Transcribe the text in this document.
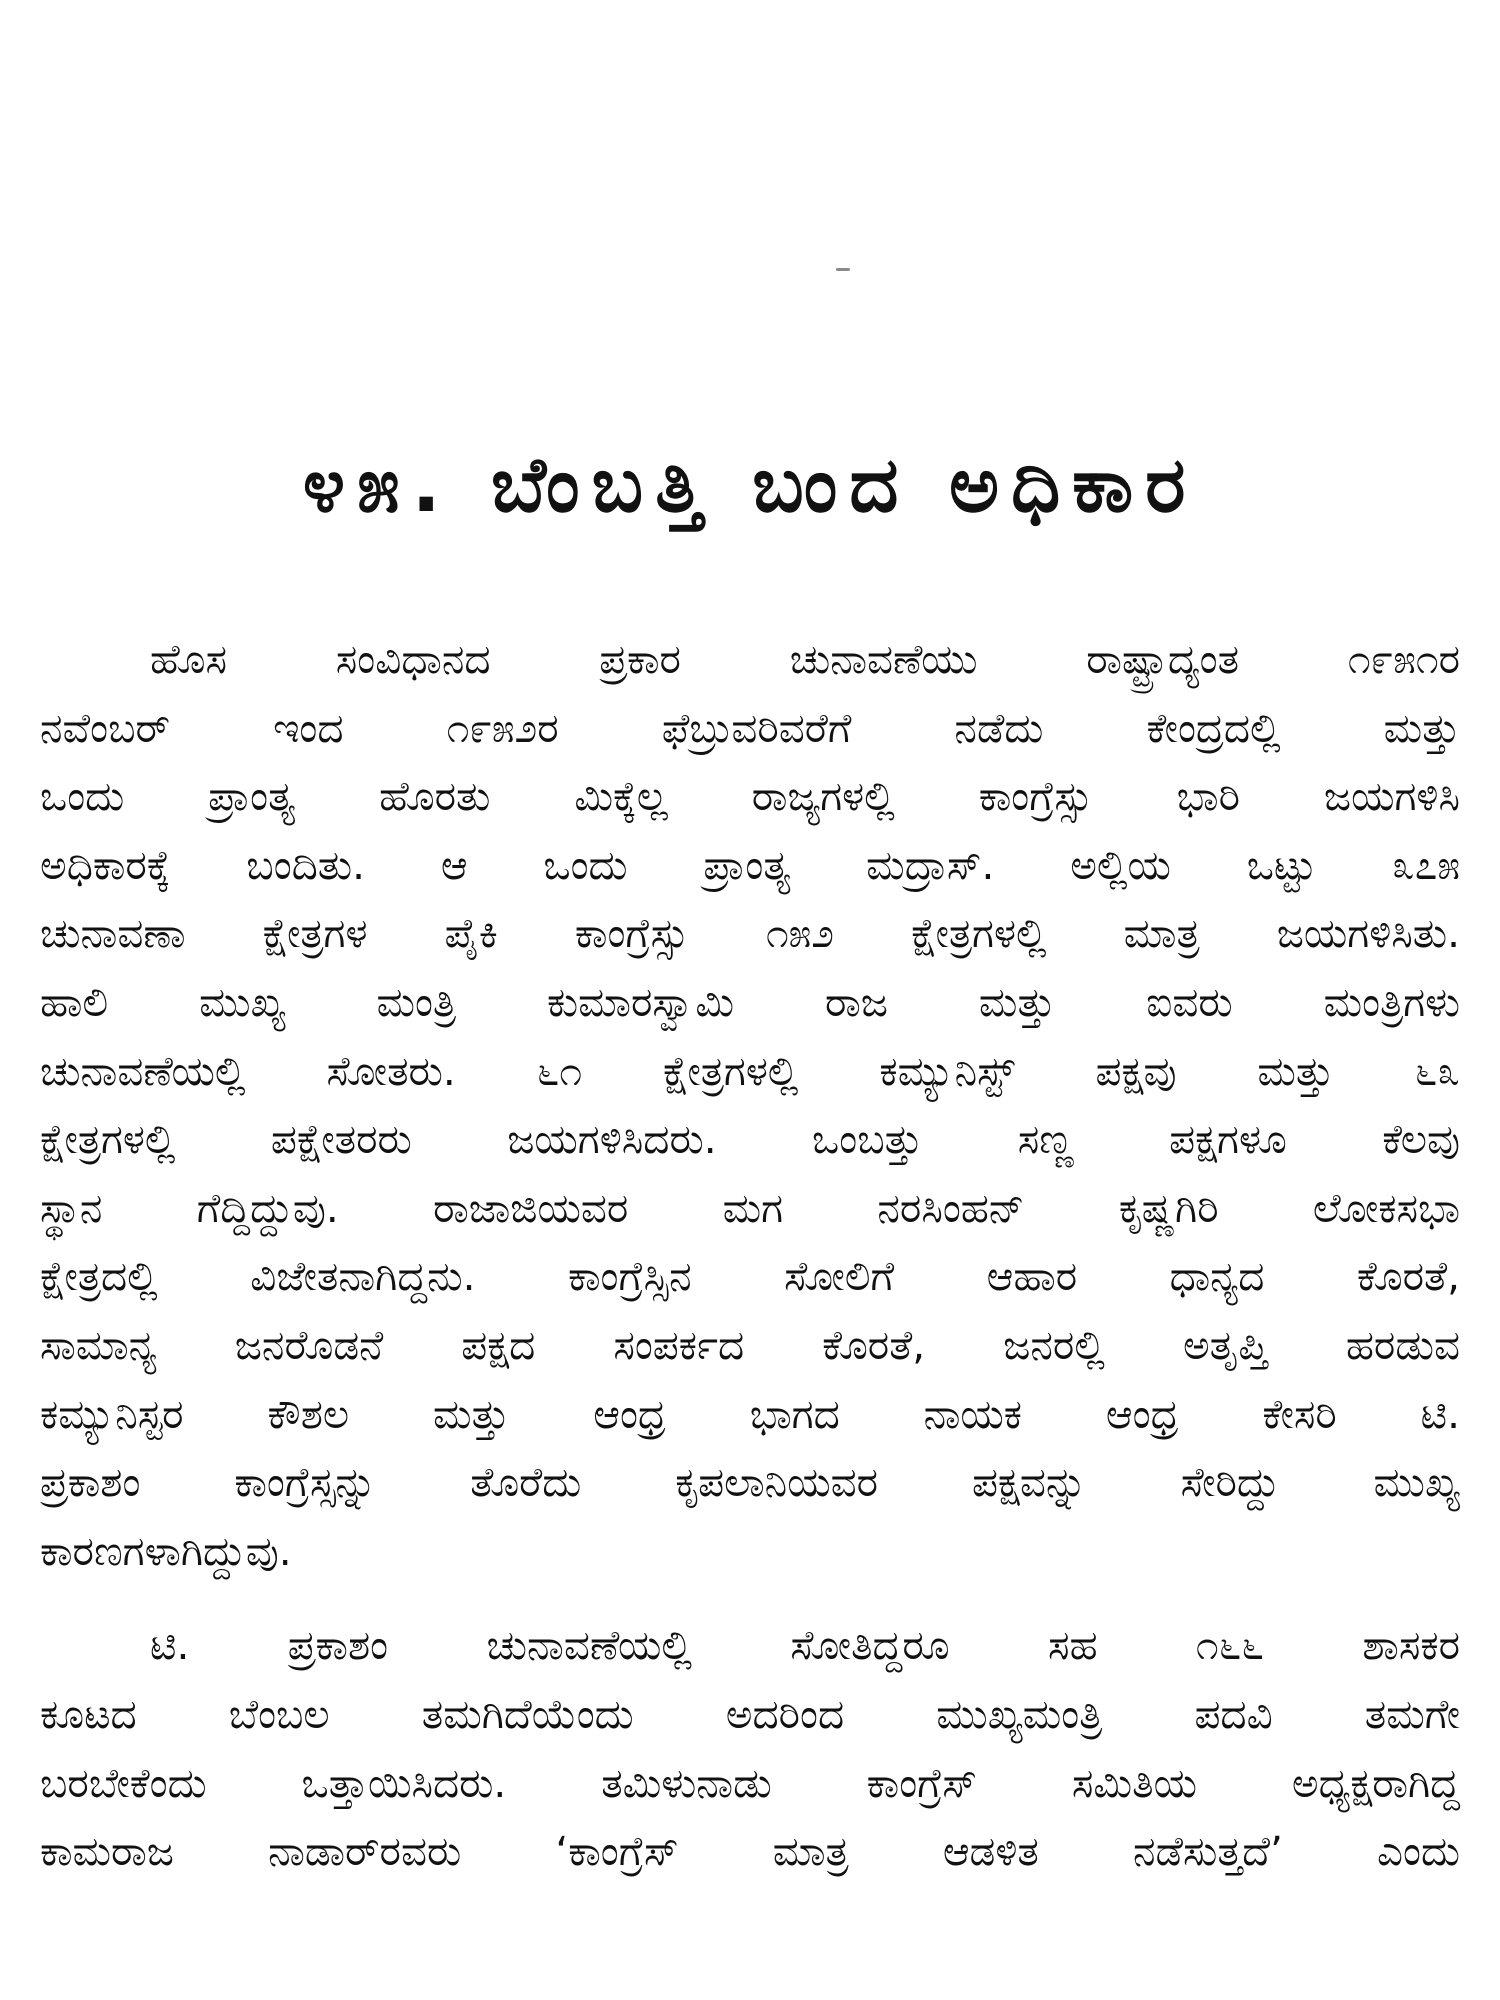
೪೫. ಬೆಂಬತ್ತಿ ಬಂದ ಅಧಿಕಾರ
ಹೊಸ ಸಂವಿಧಾನದ ಪ್ರಕಾರ ಚುನಾವಣೆಯು ರಾಷ್ಟ್ರಾದ್ಯಂತ ೧೯೫೧ರ
ನವೆಂಬರ್ ಇಂದ ೧೯೫೨ರ ಫೆಬ್ರುವರಿವರೆಗೆ ನಡೆದು ಕೇಂದ್ರದಲ್ಲಿ ಮತ್ತು
ಒಂದು ಪ್ರಾಂತ್ಯ ಹೊರತು ಮಿಕ್ಕೆಲ್ಲ ರಾಜ್ಯಗಳಲ್ಲಿ ಕಾಂಗ್ರೆಸ್ಸು ಭಾರಿ ಜಯಗಳಿಸಿ
ಅಧಿಕಾರಕ್ಕೆ ಬಂದಿತು. ಆ ಒಂದು ಪ್ರಾಂತ್ಯ ಮದ್ರಾಸ್. ಅಲ್ಲಿಯ ಒಟ್ಟು ೩೭೫
ಚುನಾವಣಾ ಕ್ಷೇತ್ರಗಳ ಪೈಕಿ ಕಾಂಗ್ರೆಸ್ಸು ೧೫೨ ಕ್ಷೇತ್ರಗಳಲ್ಲಿ ಮಾತ್ರ ಜಯಗಳಿಸಿತು.
ಹಾಲಿ ಮುಖ್ಯ ಮಂತ್ರಿ ಕುಮಾರಸ್ವಾಮಿ ರಾಜ ಮತ್ತು ಐವರು ಮಂತ್ರಿಗಳು
ಚುನಾವಣೆಯಲ್ಲಿ ಸೋತರು. ೬೧ ಕ್ಷೇತ್ರಗಳಲ್ಲಿ ಕಮ್ಯುನಿಸ್ಟ್ ಪಕ್ಷವು ಮತ್ತು ೬೩
ಕ್ಷೇತ್ರಗಳಲ್ಲಿ ಪಕ್ಷೇತರರು ಜಯಗಳಿಸಿದರು. ಒಂಬತ್ತು ಸಣ್ಣ ಪಕ್ಷಗಳೂ ಕೆಲವು
ಸ್ಥಾನ ಗೆದ್ದಿದ್ದುವು. ರಾಜಾಜಿಯವರ ಮಗ ನರಸಿಂಹನ್ ಕೃಷ್ಣಗಿರಿ ಲೋಕಸಭಾ
ಕ್ಷೇತ್ರದಲ್ಲಿ ವಿಜೇತನಾಗಿದ್ದನು. ಕಾಂಗ್ರೆಸ್ಸಿನ ಸೋಲಿಗೆ ಆಹಾರ ಧಾನ್ಯದ ಕೊರತೆ,
ಸಾಮಾನ್ಯ ಜನರೊಡನೆ ಪಕ್ಷದ ಸಂಪರ್ಕದ ಕೊರತೆ, ಜನರಲ್ಲಿ ಅತೃಪ್ತಿ ಹರಡುವ
ಕಮ್ಯುನಿಸ್ಟರ ಕೌಶಲ ಮತ್ತು ಆಂಧ್ರ ಭಾಗದ ನಾಯಕ ಆಂಧ್ರ ಕೇಸರಿ ಟಿ.
ಪ್ರಕಾಶಂ ಕಾಂಗ್ರೆಸ್ಸನ್ನು ತೊರೆದು ಕೃಪಲಾನಿಯವರ ಪಕ್ಷವನ್ನು ಸೇರಿದ್ದು ಮುಖ್ಯ
ಕಾರಣಗಳಾಗಿದ್ದುವು.
ಟಿ. ಪ್ರಕಾಶಂ ಚುನಾವಣೆಯಲ್ಲಿ ಸೋತಿದ್ದರೂ ಸಹ ೧೬೬ ಶಾಸಕರ
ಕೂಟದ ಬೆಂಬಲ ತಮಗಿದೆಯೆಂದು ಅದರಿಂದ ಮುಖ್ಯಮಂತ್ರಿ ಪದವಿ ತಮಗೇ
ಬರಬೇಕೆಂದು ಒತ್ತಾಯಿಸಿದರು. ತಮಿಳುನಾಡು ಕಾಂಗ್ರೆಸ್ ಸಮಿತಿಯ ಅಧ್ಯಕ್ಷರಾಗಿದ್ದ
ಕಾಮರಾಜ ನಾಡಾರ್‌ರವರು ‘ಕಾಂಗ್ರೆಸ್ ಮಾತ್ರ ಆಡಳಿತ ನಡೆಸುತ್ತದೆ’ ಎಂದು
